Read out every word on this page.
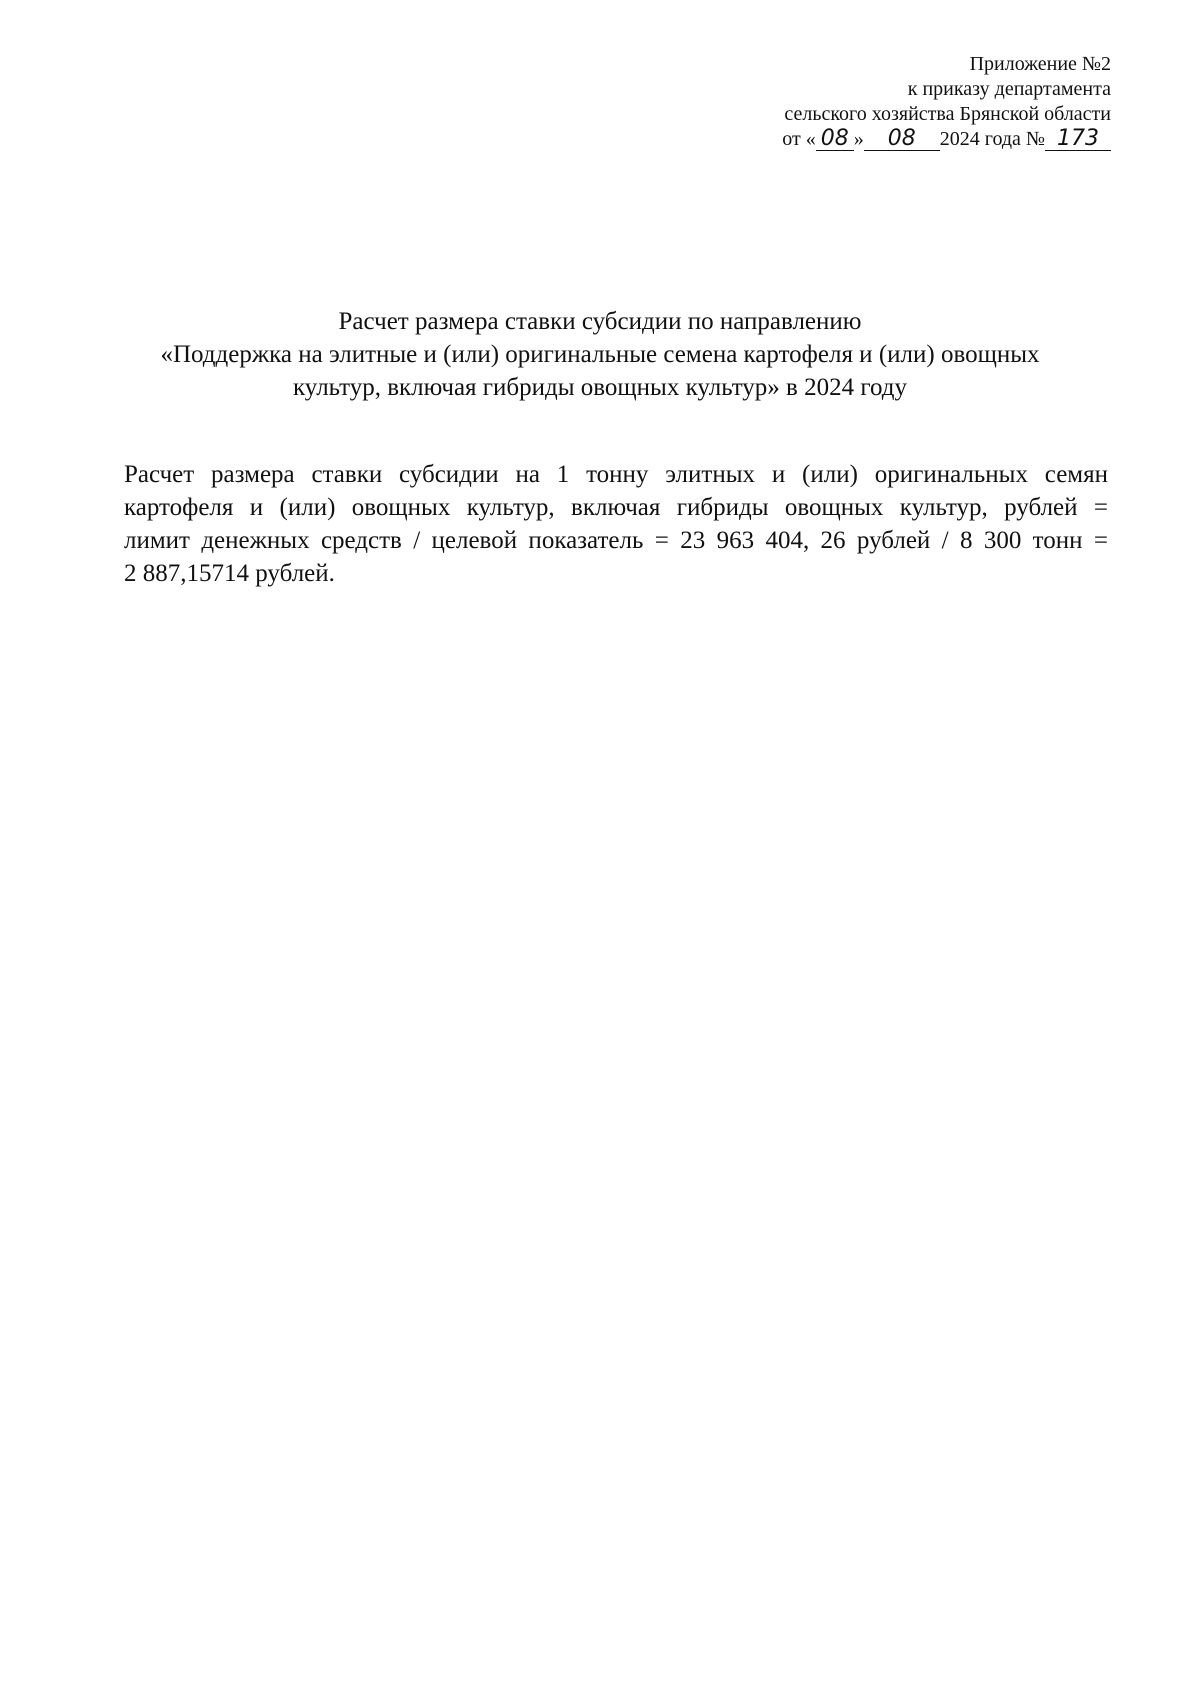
Приложение №2
к приказу департамента
сельского хозяйства Брянской области
от « 08 » 08 2024 года № 173
Расчет размера ставки субсидии по направлению
«Поддержка на элитные и (или) оригинальные семена картофеля и (или) овощных
культур, включая гибриды овощных культур» в 2024 году
Расчет размера ставки субсидии на 1 тонну элитных и (или) оригинальных семян
картофеля и (или) овощных культур, включая гибриды овощных культур, рублей =
лимит денежных средств / целевой показатель = 23 963 404, 26 рублей / 8 300 тонн =
2 887,15714 рублей.
